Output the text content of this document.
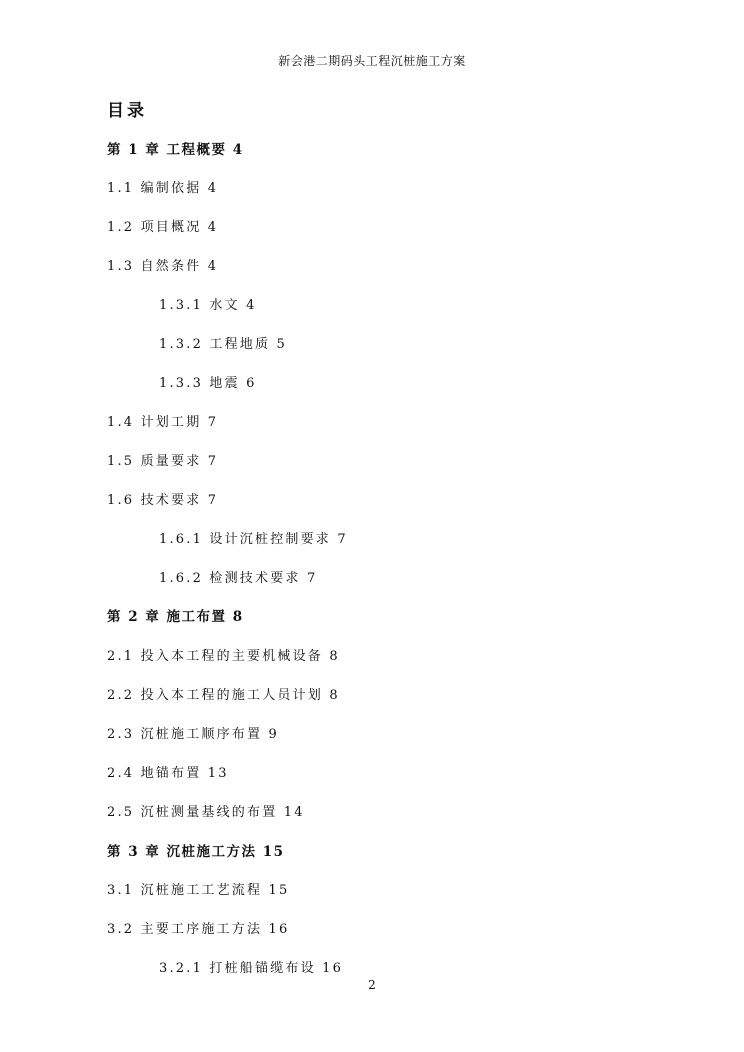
新会港二期码头工程沉桩施工方案
目录
第 1 章 工程概要 4
1.1 编制依据 4
1.2 项目概况 4
1.3 自然条件 4
1.3.1 水文 4
1.3.2 工程地质 5
1.3.3 地震 6
1.4 计划工期 7
1.5 质量要求 7
1.6 技术要求 7
1.6.1 设计沉桩控制要求 7
1.6.2 检测技术要求 7
第 2 章 施工布置 8
2.1 投入本工程的主要机械设备 8
2.2 投入本工程的施工人员计划 8
2.3 沉桩施工顺序布置 9
2.4 地锚布置 13
2.5 沉桩测量基线的布置 14
第 3 章 沉桩施工方法 15
3.1 沉桩施工工艺流程 15
3.2 主要工序施工方法 16
3.2.1 打桩船锚缆布设 16
2
